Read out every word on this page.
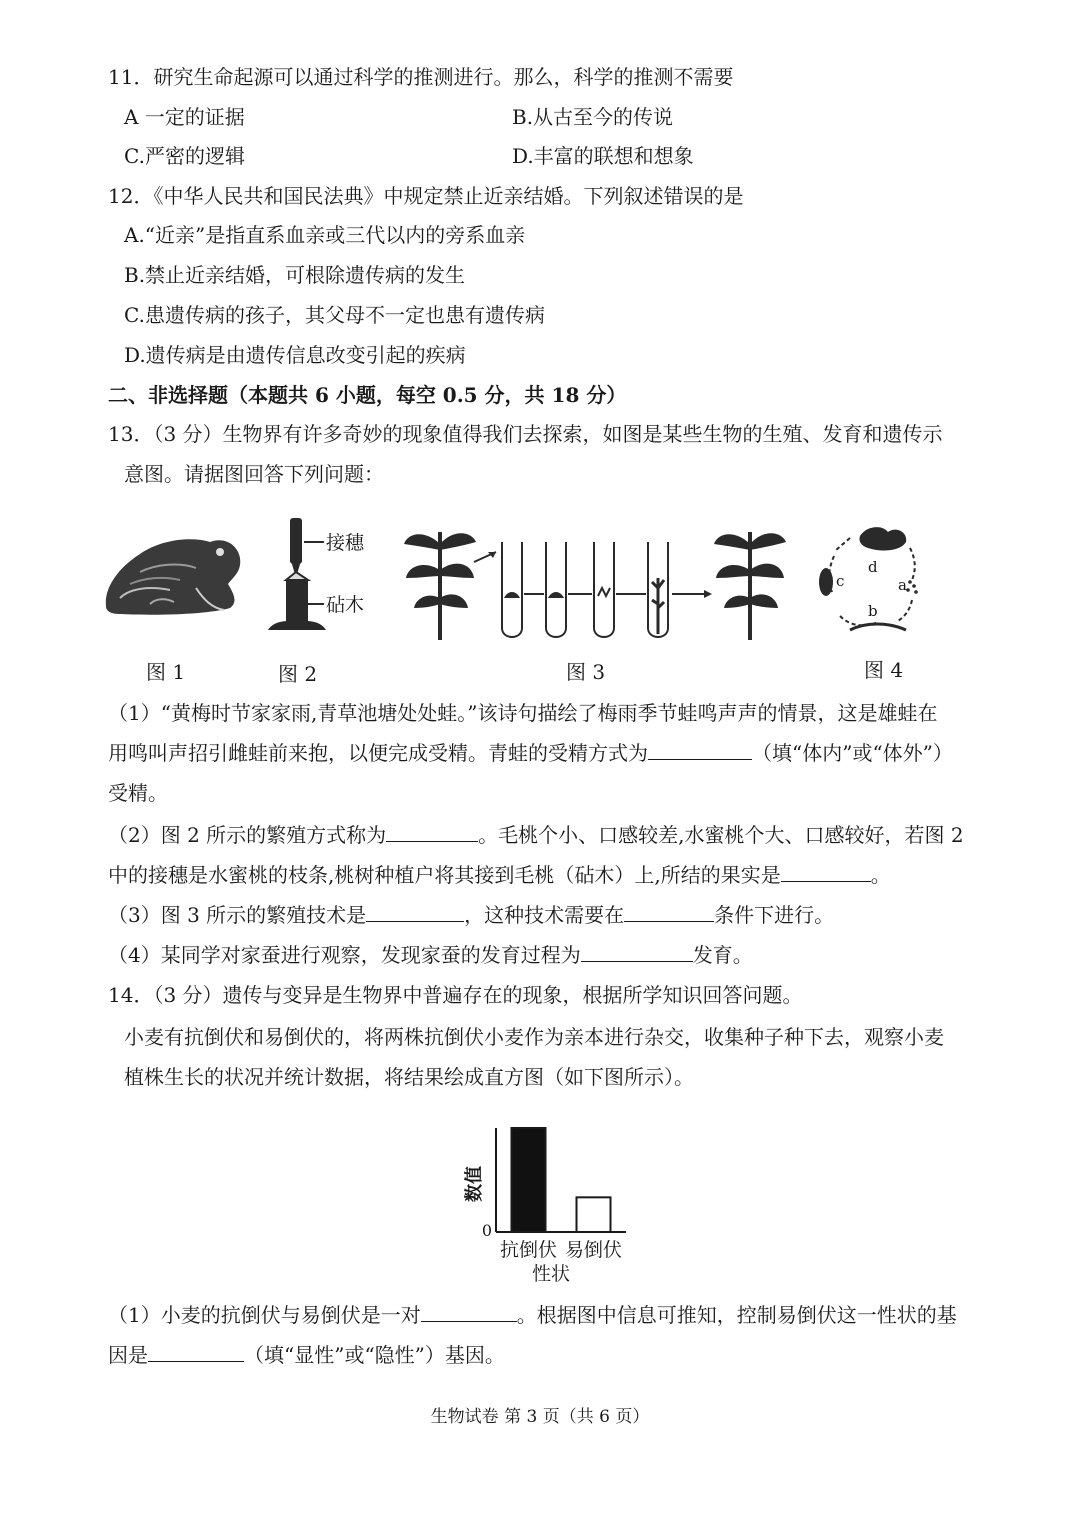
11．研究生命起源可以通过科学的推测进行。那么，科学的推测不需要
A 一定的证据	B.从古至今的传说
C.严密的逻辑	D.丰富的联想和想象
12．《中华人民共和国民法典》中规定禁止近亲结婚。下列叙述错误的是
A.“近亲”是指直系血亲或三代以内的旁系血亲
B.禁止近亲结婚，可根除遗传病的发生
C.患遗传病的孩子，其父母不一定也患有遗传病
D.遗传病是由遗传信息改变引起的疾病
二、非选择题（本题共 6 小题，每空 0.5 分，共 18 分）
13．（3 分）生物界有许多奇妙的现象值得我们去探索，如图是某些生物的生殖、发育和遗传示
意图。请据图回答下列问题：
接穗
砧木
d
a
b
c
图 1	图 2	图 3	图 4
（1）“黄梅时节家家雨,青草池塘处处蛙。”该诗句描绘了梅雨季节蛙鸣声声的情景，这是雄蛙在
用鸣叫声招引雌蛙前来抱，以便完成受精。青蛙的受精方式为	（填“体内”或“体外”）
受精。
（2）图 2 所示的繁殖方式称为	。毛桃个小、口感较差,水蜜桃个大、口感较好，若图 2
中的接穗是水蜜桃的枝条,桃树种植户将其接到毛桃（砧木）上,所结的果实是	。
（3）图 3 所示的繁殖技术是	，这种技术需要在	条件下进行。
（4）某同学对家蚕进行观察，发现家蚕的发育过程为	发育。
14．（3 分）遗传与变异是生物界中普遍存在的现象，根据所学知识回答问题。
小麦有抗倒伏和易倒伏的，将两株抗倒伏小麦作为亲本进行杂交，收集种子种下去，观察小麦
植株生长的状况并统计数据，将结果绘成直方图（如下图所示）。
数值
0
抗倒伏 易倒伏
性状
（1）小麦的抗倒伏与易倒伏是一对	。根据图中信息可推知，控制易倒伏这一性状的基
因是	（填“显性”或“隐性”）基因。
生物试卷 第 3 页（共 6 页）
